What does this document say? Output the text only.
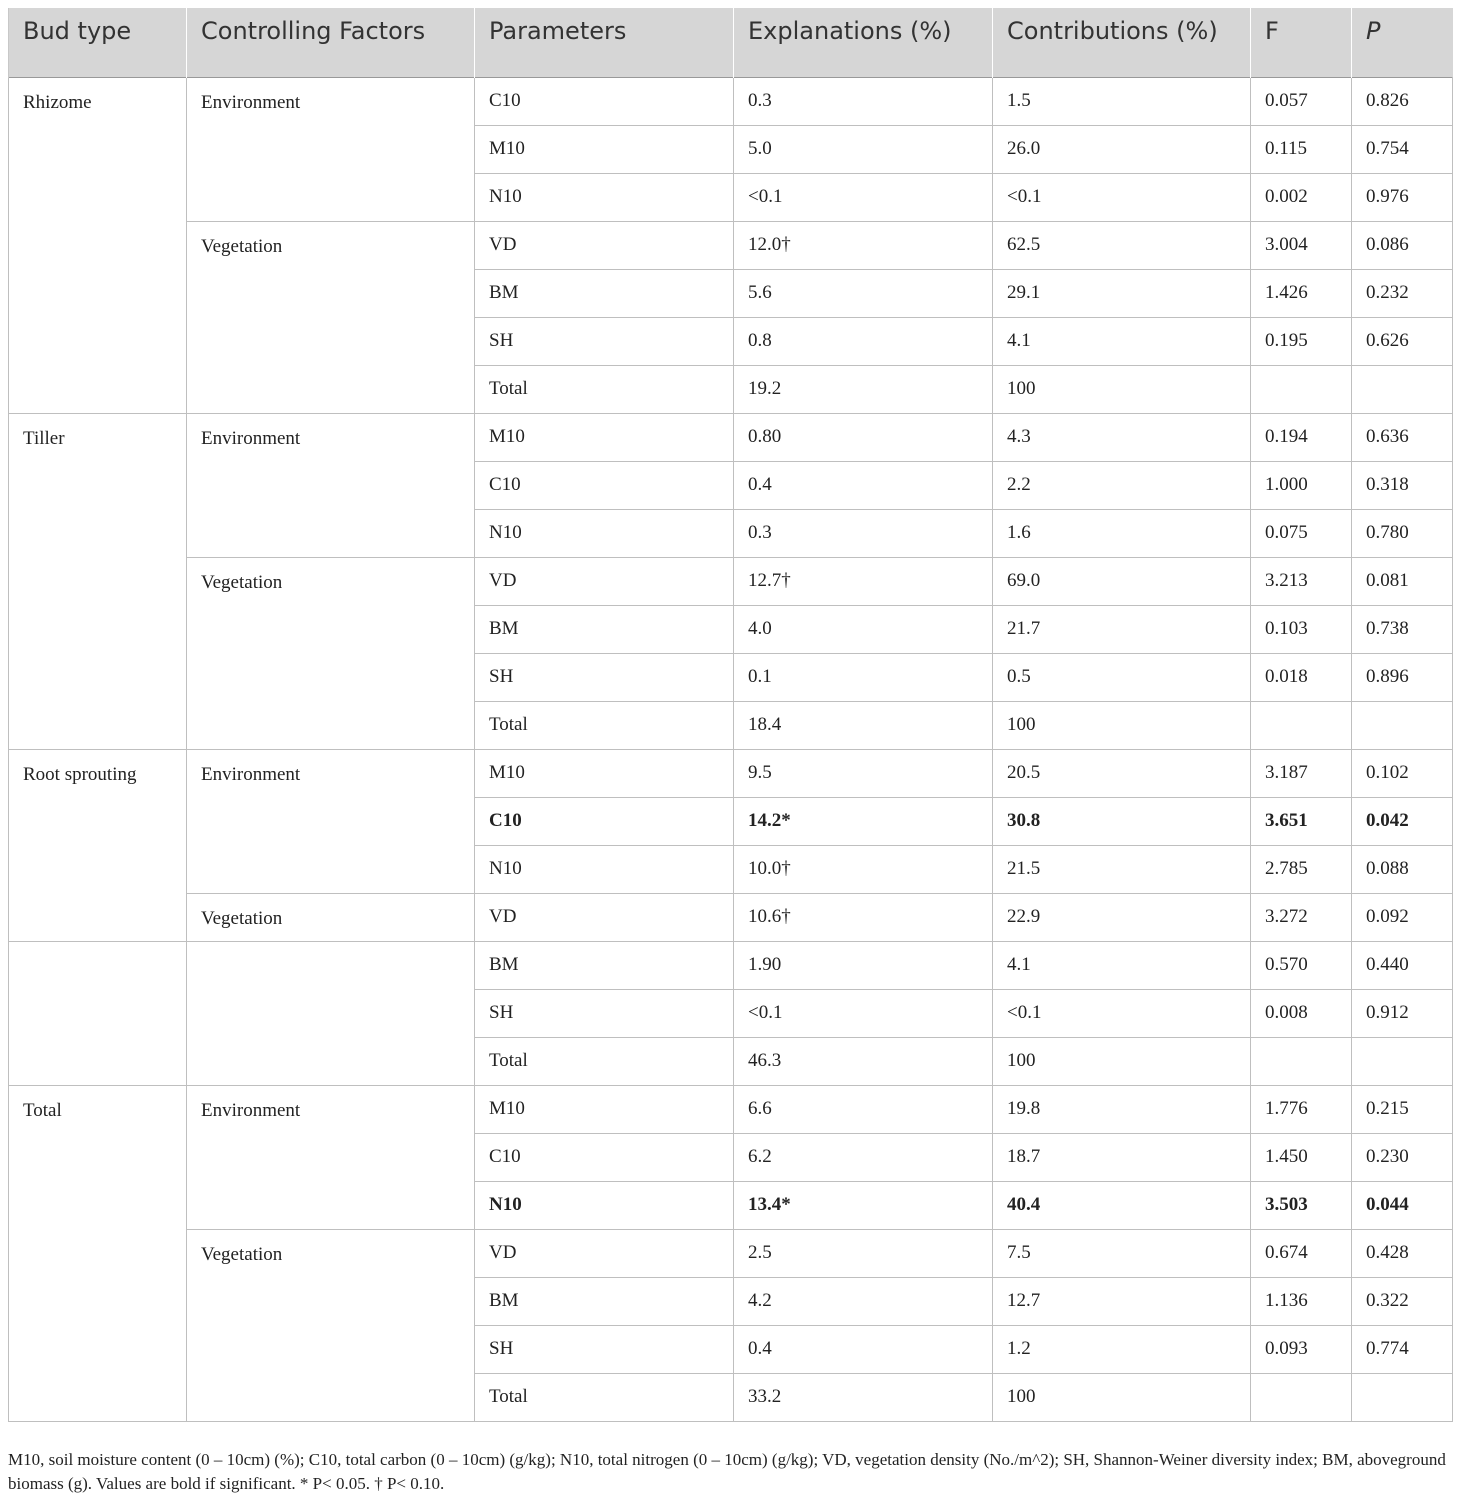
Bud type	Controlling Factors	Parameters	Explanations (%)	Contributions (%)	F	P
Rhizome	Environment	C10	0.3	1.5	0.057	0.826
		M10	5.0	26.0	0.115	0.754
		N10	<0.1	<0.1	0.002	0.976
	Vegetation	VD	12.0†	62.5	3.004	0.086
		BM	5.6	29.1	1.426	0.232
		SH	0.8	4.1	0.195	0.626
		Total	19.2	100		
Tiller	Environment	M10	0.80	4.3	0.194	0.636
		C10	0.4	2.2	1.000	0.318
		N10	0.3	1.6	0.075	0.780
	Vegetation	VD	12.7†	69.0	3.213	0.081
		BM	4.0	21.7	0.103	0.738
		SH	0.1	0.5	0.018	0.896
		Total	18.4	100		
Root sprouting	Environment	M10	9.5	20.5	3.187	0.102
		C10	14.2*	30.8	3.651	0.042
		N10	10.0†	21.5	2.785	0.088
	Vegetation	VD	10.6†	22.9	3.272	0.092
		BM	1.90	4.1	0.570	0.440
		SH	<0.1	<0.1	0.008	0.912
		Total	46.3	100		
Total	Environment	M10	6.6	19.8	1.776	0.215
		C10	6.2	18.7	1.450	0.230
		N10	13.4*	40.4	3.503	0.044
	Vegetation	VD	2.5	7.5	0.674	0.428
		BM	4.2	12.7	1.136	0.322
		SH	0.4	1.2	0.093	0.774
		Total	33.2	100		
M10, soil moisture content (0 – 10cm) (%); C10, total carbon (0 – 10cm) (g/kg); N10, total nitrogen (0 – 10cm) (g/kg); VD, vegetation density (No./m^2); SH, Shannon-Weiner diversity index; BM, aboveground biomass (g). Values are bold if significant. * P< 0.05. † P< 0.10.
